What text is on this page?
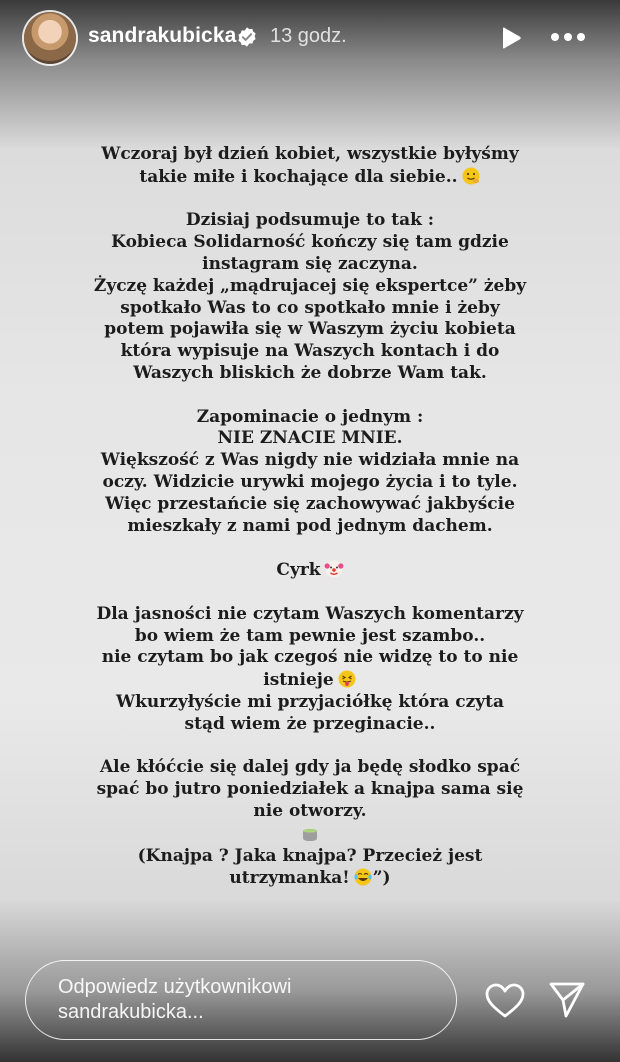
sandrakubicka 13 godz.

Wczoraj był dzień kobiet, wszystkie byłyśmy
takie miłe i kochające dla siebie..

Dzisiaj podsumuje to tak :
Kobieca Solidarność kończy się tam gdzie
instagram się zaczyna.
Życzę każdej „mądrujacej się ekspertce” żeby
spotkało Was to co spotkało mnie i żeby
potem pojawiła się w Waszym życiu kobieta
która wypisuje na Waszych kontach i do
Waszych bliskich że dobrze Wam tak.

Zapominacie o jednym :
NIE ZNACIE MNIE.
Większość z Was nigdy nie widziała mnie na
oczy. Widzicie urywki mojego życia i to tyle.
Więc przestańcie się zachowywać jakbyście
mieszkały z nami pod jednym dachem.

Cyrk

Dla jasności nie czytam Waszych komentarzy
bo wiem że tam pewnie jest szambo..
nie czytam bo jak czegoś nie widzę to to nie
istnieje
Wkurzyłyście mi przyjaciółkę która czyta
stąd wiem że przeginacie..

Ale kłóćcie się dalej gdy ja będę słodko spać
spać bo jutro poniedziałek a knajpa sama się
nie otworzy.

(Knajpa ? Jaka knajpa? Przecież jest
utrzymanka! ”)

Odpowiedz użytkownikowi sandrakubicka...
